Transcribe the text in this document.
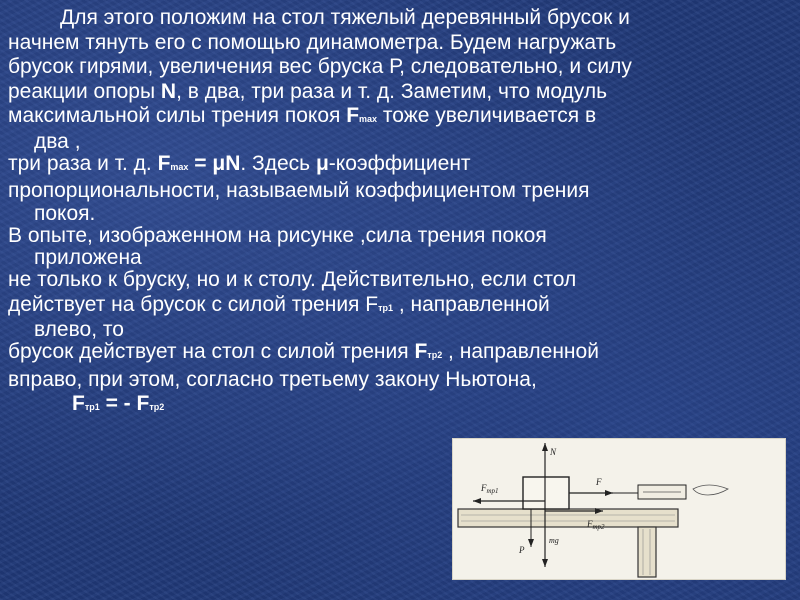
Для этого положим на стол тяжелый деревянный брусок и
начнем тянуть его с помощью динамометра. Будем нагружать
брусок гирями, увеличения вес бруска Р, следовательно, и силу
реакции опоры N, в два, три раза и т. д. Заметим, что модуль
максимальной силы трения покоя Fmax тоже увеличивается в
два ,
три раза и т. д. Fmax = μN. Здесь μ-коэффициент
пропорциональности, называемый коэффициентом трения
покоя.
В опыте, изображенном на рисунке ,сила трения покоя
приложена
не только к бруску, но и к столу. Действительно, если стол
действует на брусок с силой трения Fтр1 , направленной
влево, то
брусок действует на стол с силой трения Fтр2 , направленной
вправо, при этом, согласно третьему закону Ньютона,
Fтр1 = - Fтр2
N
$F_{тр1}$
F
$F_{тр2}$
P
mg
